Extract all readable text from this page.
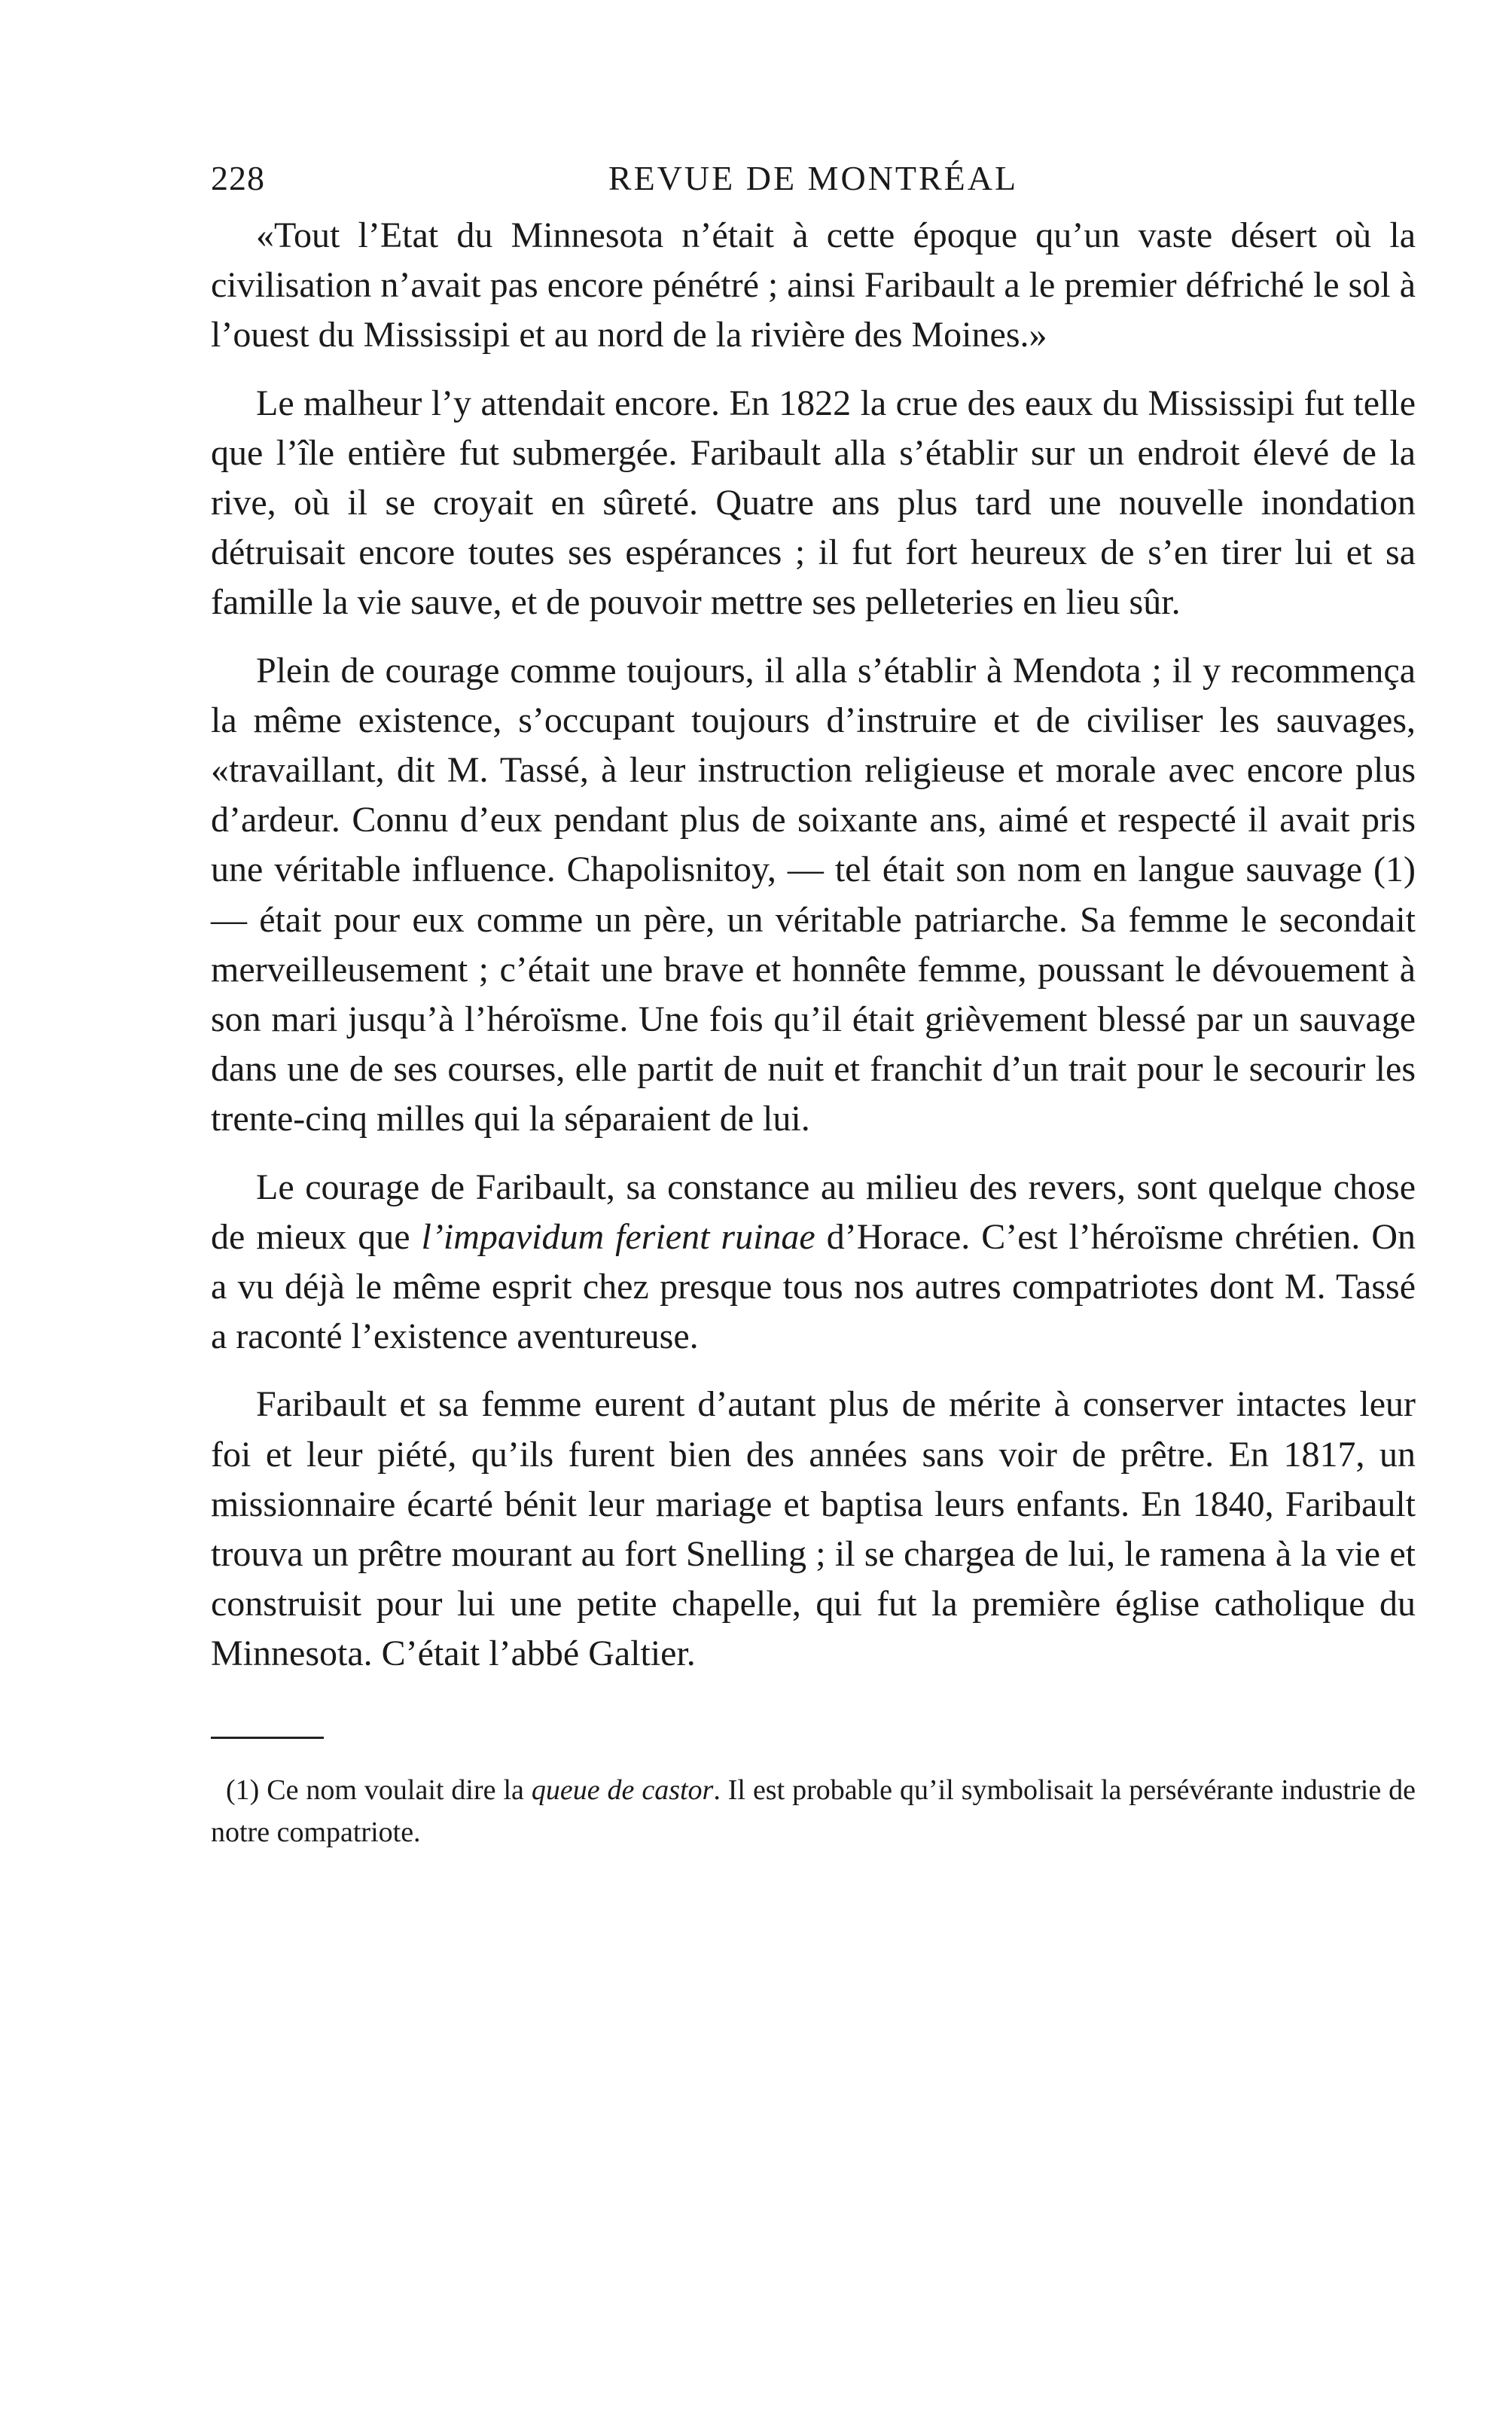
228	REVUE DE MONTRÉAL

«Tout l’Etat du Minnesota n’était à cette époque qu’un vaste désert où la civilisation n’avait pas encore pénétré ; ainsi Faribault a le premier défriché le sol à l’ouest du Mississipi et au nord de la rivière des Moines.»

Le malheur l’y attendait encore. En 1822 la crue des eaux du Mississipi fut telle que l’île entière fut submergée. Faribault alla s’établir sur un endroit élevé de la rive, où il se croyait en sûreté. Quatre ans plus tard une nouvelle inondation détruisait encore toutes ses espérances ; il fut fort heureux de s’en tirer lui et sa famille la vie sauve, et de pouvoir mettre ses pelleteries en lieu sûr.

Plein de courage comme toujours, il alla s’établir à Mendota ; il y recommença la même existence, s’occupant toujours d’instruire et de civiliser les sauvages, «travaillant, dit M. Tassé, à leur instruction religieuse et morale avec encore plus d’ardeur. Connu d’eux pendant plus de soixante ans, aimé et respecté il avait pris une véritable influence. Chapolisnitoy, — tel était son nom en langue sauvage (1) — était pour eux comme un père, un véritable patriarche. Sa femme le secondait merveilleusement ; c’était une brave et honnête femme, poussant le dévouement à son mari jusqu’à l’héroïsme. Une fois qu’il était grièvement blessé par un sauvage dans une de ses courses, elle partit de nuit et franchit d’un trait pour le secourir les trente-cinq milles qui la séparaient de lui.

Le courage de Faribault, sa constance au milieu des revers, sont quelque chose de mieux que l’impavidum ferient ruinae d’Horace. C’est l’héroïsme chrétien. On a vu déjà le même esprit chez presque tous nos autres compatriotes dont M. Tassé a raconté l’existence aventureuse.

Faribault et sa femme eurent d’autant plus de mérite à conserver intactes leur foi et leur piété, qu’ils furent bien des années sans voir de prêtre. En 1817, un missionnaire écarté bénit leur mariage et baptisa leurs enfants. En 1840, Faribault trouva un prêtre mourant au fort Snelling ; il se chargea de lui, le ramena à la vie et construisit pour lui une petite chapelle, qui fut la première église catholique du Minnesota. C’était l’abbé Galtier.

(1) Ce nom voulait dire la queue de castor. Il est probable qu’il symbolisait la persévérante industrie de notre compatriote.
